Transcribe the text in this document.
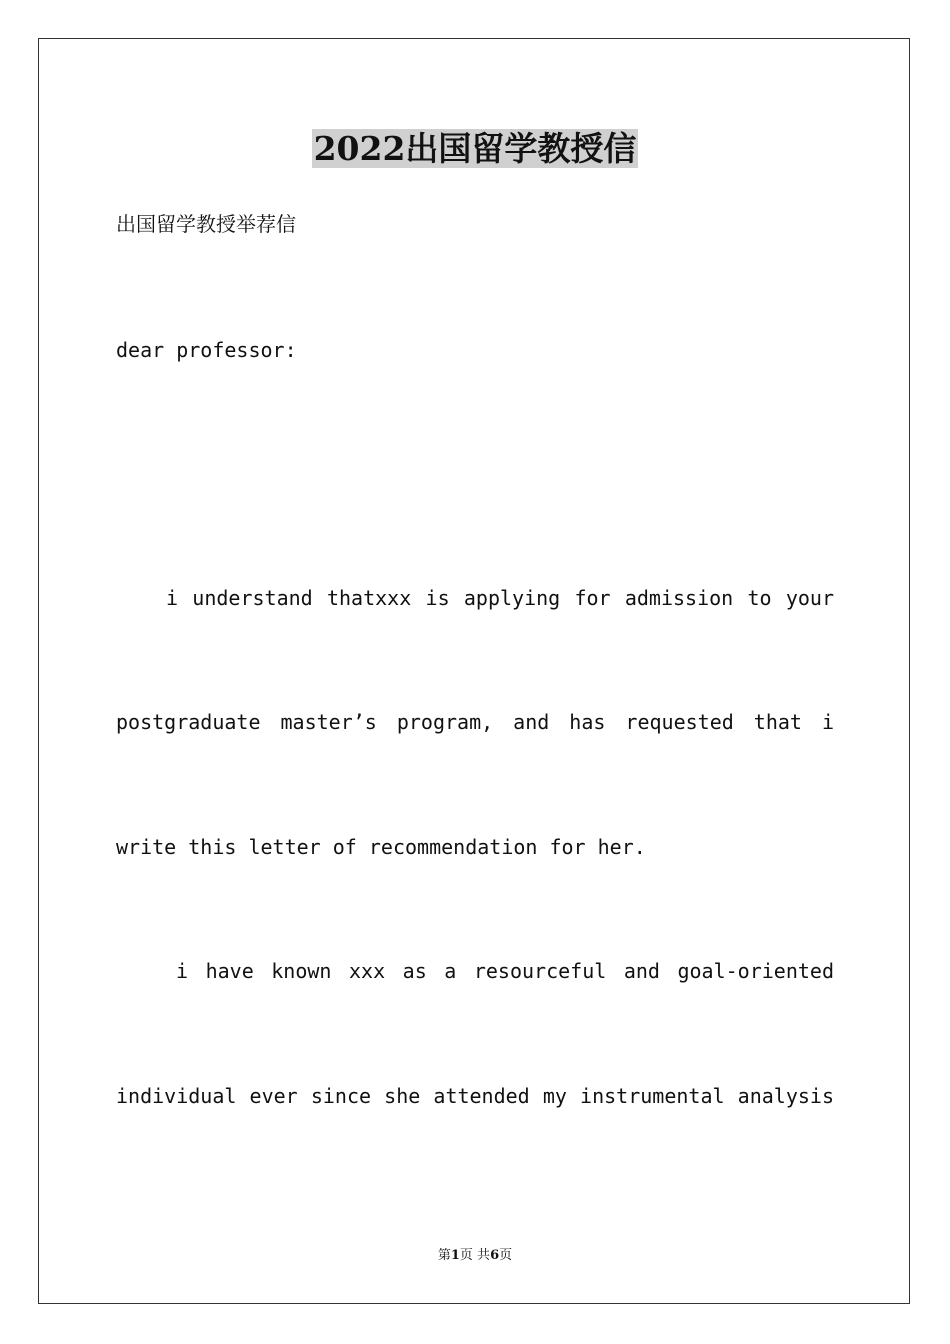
2022出国留学教授信
出国留学教授举荐信
dear professor:
i understand thatxxx is applying for admission to your
postgraduate master’s program, and has requested that i
write this letter of recommendation for her.
i have known xxx as a resourceful and goal-oriented
individual ever since she attended my instrumental analysis
第1页 共6页
